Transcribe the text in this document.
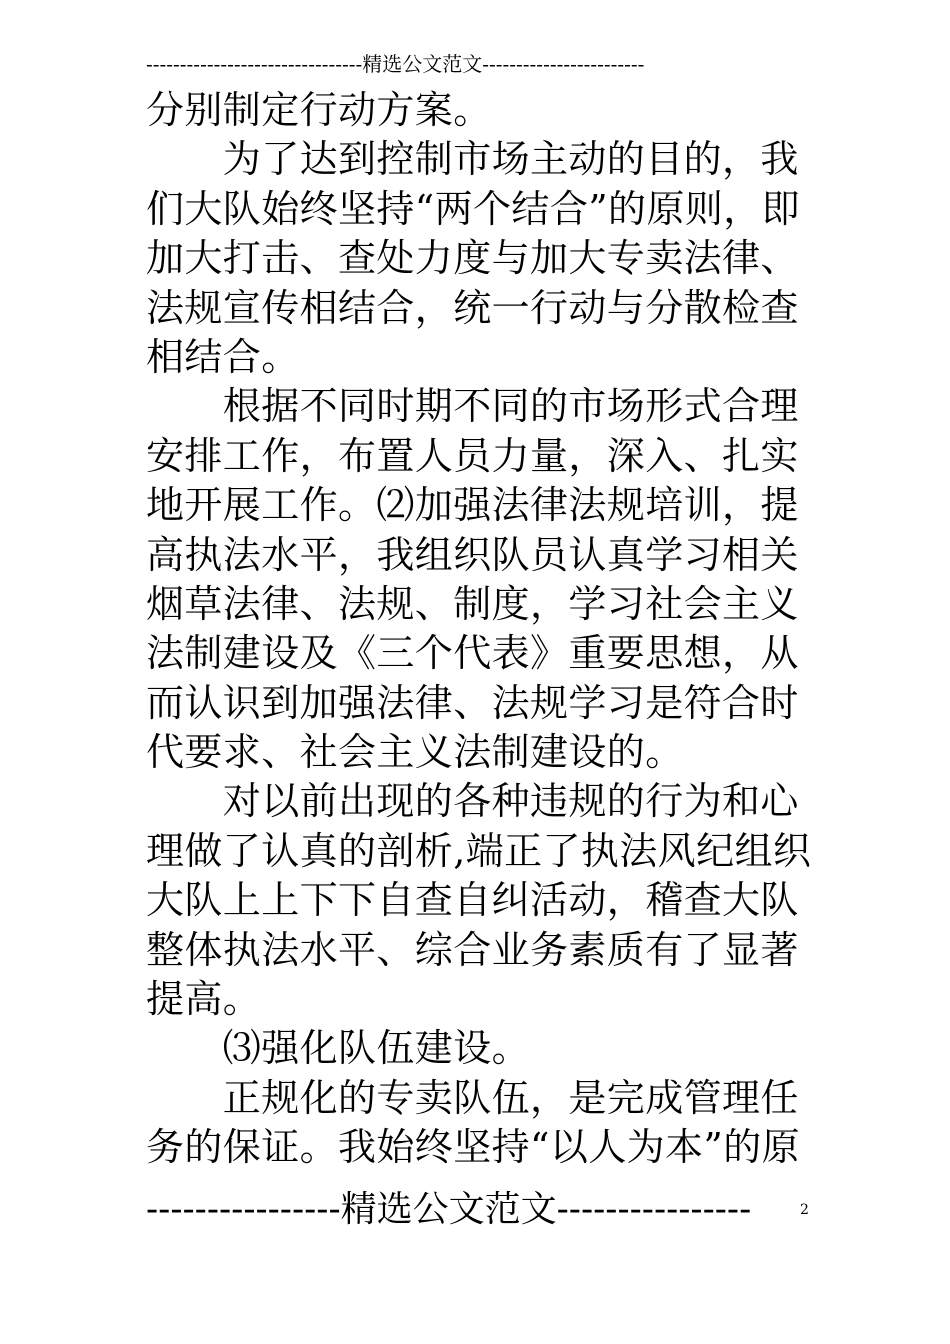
--------------------------------精选公文范文------------------------
分别制定行动方案。
　　为了达到控制市场主动的目的，我
们大队始终坚持“两个结合”的原则，即
加大打击、查处力度与加大专卖法律、
法规宣传相结合，统一行动与分散检查
相结合。
　　根据不同时期不同的市场形式合理
安排工作，布置人员力量，深入、扎实
地开展工作。⑵加强法律法规培训，提
高执法水平，我组织队员认真学习相关
烟草法律、法规、制度，学习社会主义
法制建设及《三个代表》重要思想，从
而认识到加强法律、法规学习是符合时
代要求、社会主义法制建设的。
　　对以前出现的各种违规的行为和心
理做了认真的剖析,端正了执法风纪组织
大队上上下下自查自纠活动，稽查大队
整体执法水平、综合业务素质有了显著
提高。
　　⑶强化队伍建设。
　　正规化的专卖队伍，是完成管理任
务的保证。我始终坚持“以人为本”的原
----------------精选公文范文----------------	2
